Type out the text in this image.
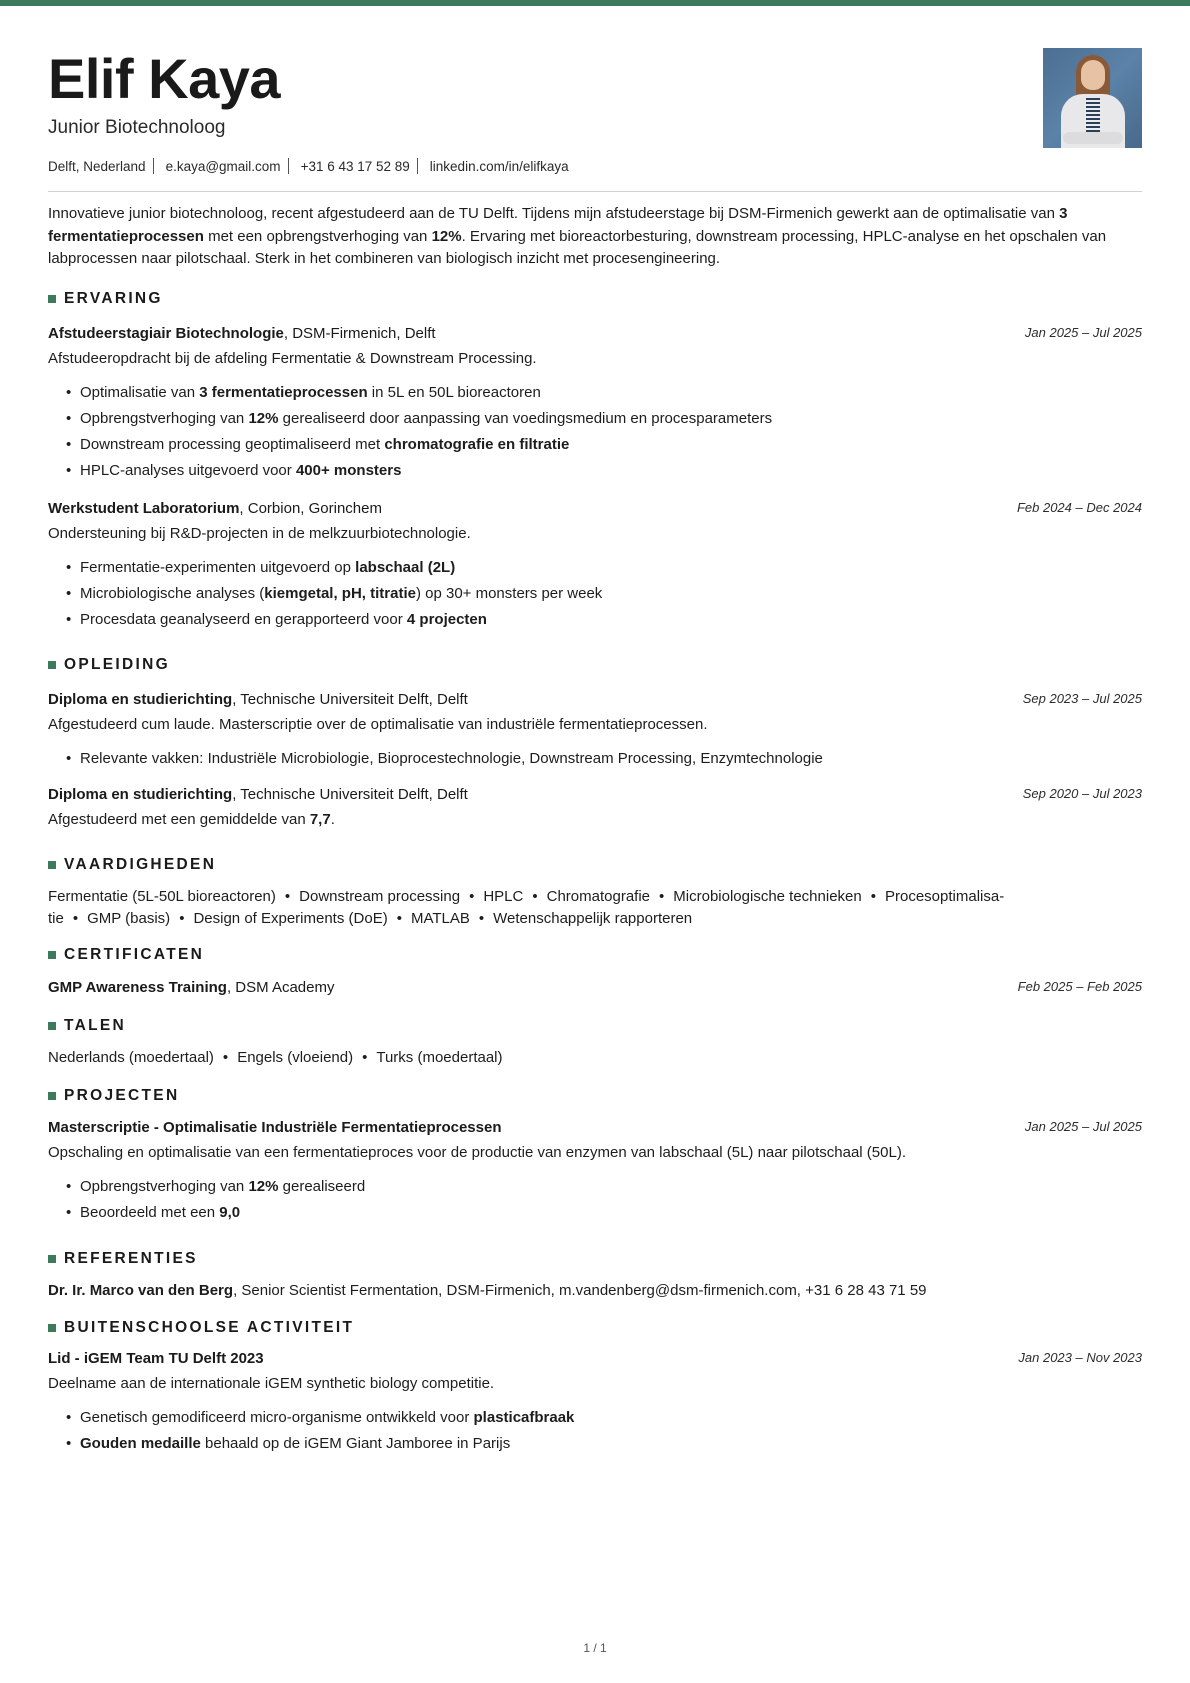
Elif Kaya
Junior Biotechnoloog
Delft, Nederland e.kaya@gmail.com +31 6 43 17 52 89 linkedin.com/in/elifkaya
Innovatieve junior biotechnoloog, recent afgestudeerd aan de TU Delft. Tijdens mijn afstudeerstage bij DSM-Firmenich gewerkt aan de optimalisatie van 3 fermentatieprocessen met een opbrengstverhoging van 12%. Ervaring met bioreactorbesturing, downstream processing, HPLC-analyse en het opschalen van labprocessen naar pilotschaal. Sterk in het combineren van biologisch inzicht met procesengineering.
ERVARING
Afstudeerstagiair Biotechnologie, DSM-Firmenich, Delft	Jan 2025 – Jul 2025
Afstudeeropdracht bij de afdeling Fermentatie & Downstream Processing.
• Optimalisatie van 3 fermentatieprocessen in 5L en 50L bioreactoren
• Opbrengstverhoging van 12% gerealiseerd door aanpassing van voedingsmedium en procesparameters
• Downstream processing geoptimaliseerd met chromatografie en filtratie
• HPLC-analyses uitgevoerd voor 400+ monsters
Werkstudent Laboratorium, Corbion, Gorinchem	Feb 2024 – Dec 2024
Ondersteuning bij R&D-projecten in de melkzuurbiotechnologie.
• Fermentatie-experimenten uitgevoerd op labschaal (2L)
• Microbiologische analyses (kiemgetal, pH, titratie) op 30+ monsters per week
• Procesdata geanalyseerd en gerapporteerd voor 4 projecten
OPLEIDING
Diploma en studierichting, Technische Universiteit Delft, Delft	Sep 2023 – Jul 2025
Afgestudeerd cum laude. Masterscriptie over de optimalisatie van industriële fermentatieprocessen.
• Relevante vakken: Industriële Microbiologie, Bioprocestechnologie, Downstream Processing, Enzymtechnologie
Diploma en studierichting, Technische Universiteit Delft, Delft	Sep 2020 – Jul 2023
Afgestudeerd met een gemiddelde van 7,7.
VAARDIGHEDEN
Fermentatie (5L-50L bioreactoren) • Downstream processing • HPLC • Chromatografie • Microbiologische technieken • Procesoptimalisa-
tie • GMP (basis) • Design of Experiments (DoE) • MATLAB • Wetenschappelijk rapporteren
CERTIFICATEN
GMP Awareness Training, DSM Academy	Feb 2025 – Feb 2025
TALEN
Nederlands (moedertaal) • Engels (vloeiend) • Turks (moedertaal)
PROJECTEN
Masterscriptie - Optimalisatie Industriële Fermentatieprocessen	Jan 2025 – Jul 2025
Opschaling en optimalisatie van een fermentatieproces voor de productie van enzymen van labschaal (5L) naar pilotschaal (50L).
• Opbrengstverhoging van 12% gerealiseerd
• Beoordeeld met een 9,0
REFERENTIES
Dr. Ir. Marco van den Berg, Senior Scientist Fermentation, DSM-Firmenich, m.vandenberg@dsm-firmenich.com, +31 6 28 43 71 59
BUITENSCHOOLSE ACTIVITEIT
Lid - iGEM Team TU Delft 2023	Jan 2023 – Nov 2023
Deelname aan de internationale iGEM synthetic biology competitie.
• Genetisch gemodificeerd micro-organisme ontwikkeld voor plasticafbraak
• Gouden medaille behaald op de iGEM Giant Jamboree in Parijs
1 / 1
